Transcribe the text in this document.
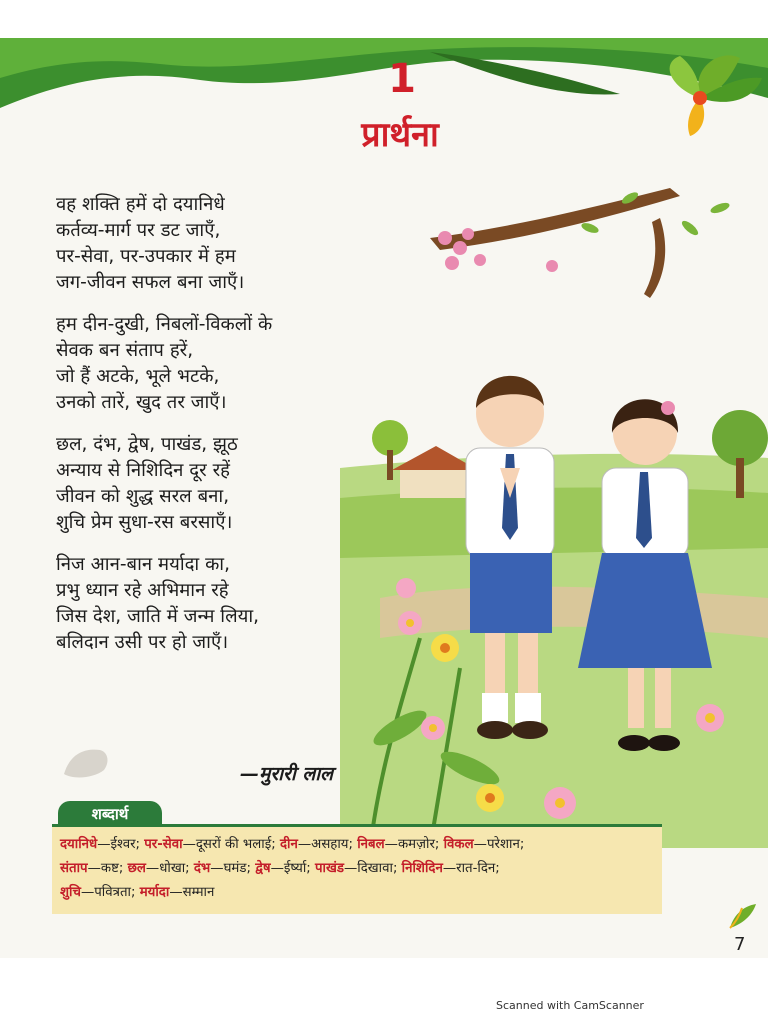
1
प्रार्थना
वह शक्ति हमें दो दयानिधे
कर्तव्य-मार्ग पर डट जाएँ,
पर-सेवा, पर-उपकार में हम
जग-जीवन सफल बना जाएँ।
हम दीन-दुखी, निबलों-विकलों के
सेवक बन संताप हरें,
जो हैं अटके, भूले भटके,
उनको तारें, खुद तर जाएँ।
छल, दंभ, द्वेष, पाखंड, झूठ
अन्याय से निशिदिन दूर रहें
जीवन को शुद्ध सरल बना,
शुचि प्रेम सुधा-रस बरसाएँ।
निज आन-बान मर्यादा का,
प्रभु ध्यान रहे अभिमान रहे
जिस देश, जाति में जन्म लिया,
बलिदान उसी पर हो जाएँ।
—मुरारी लाल
शब्दार्थ
दयानिधे—ईश्वर; पर-सेवा—दूसरों की भलाई; दीन—असहाय; निबल—कमज़ोर; विकल—परेशान;
संताप—कष्ट; छल—धोखा; दंभ—घमंड; द्वेष—ईर्ष्या; पाखंड—दिखावा; निशिदिन—रात-दिन;
शुचि—पवित्रता; मर्यादा—सम्मान
7
Scanned with CamScanner
